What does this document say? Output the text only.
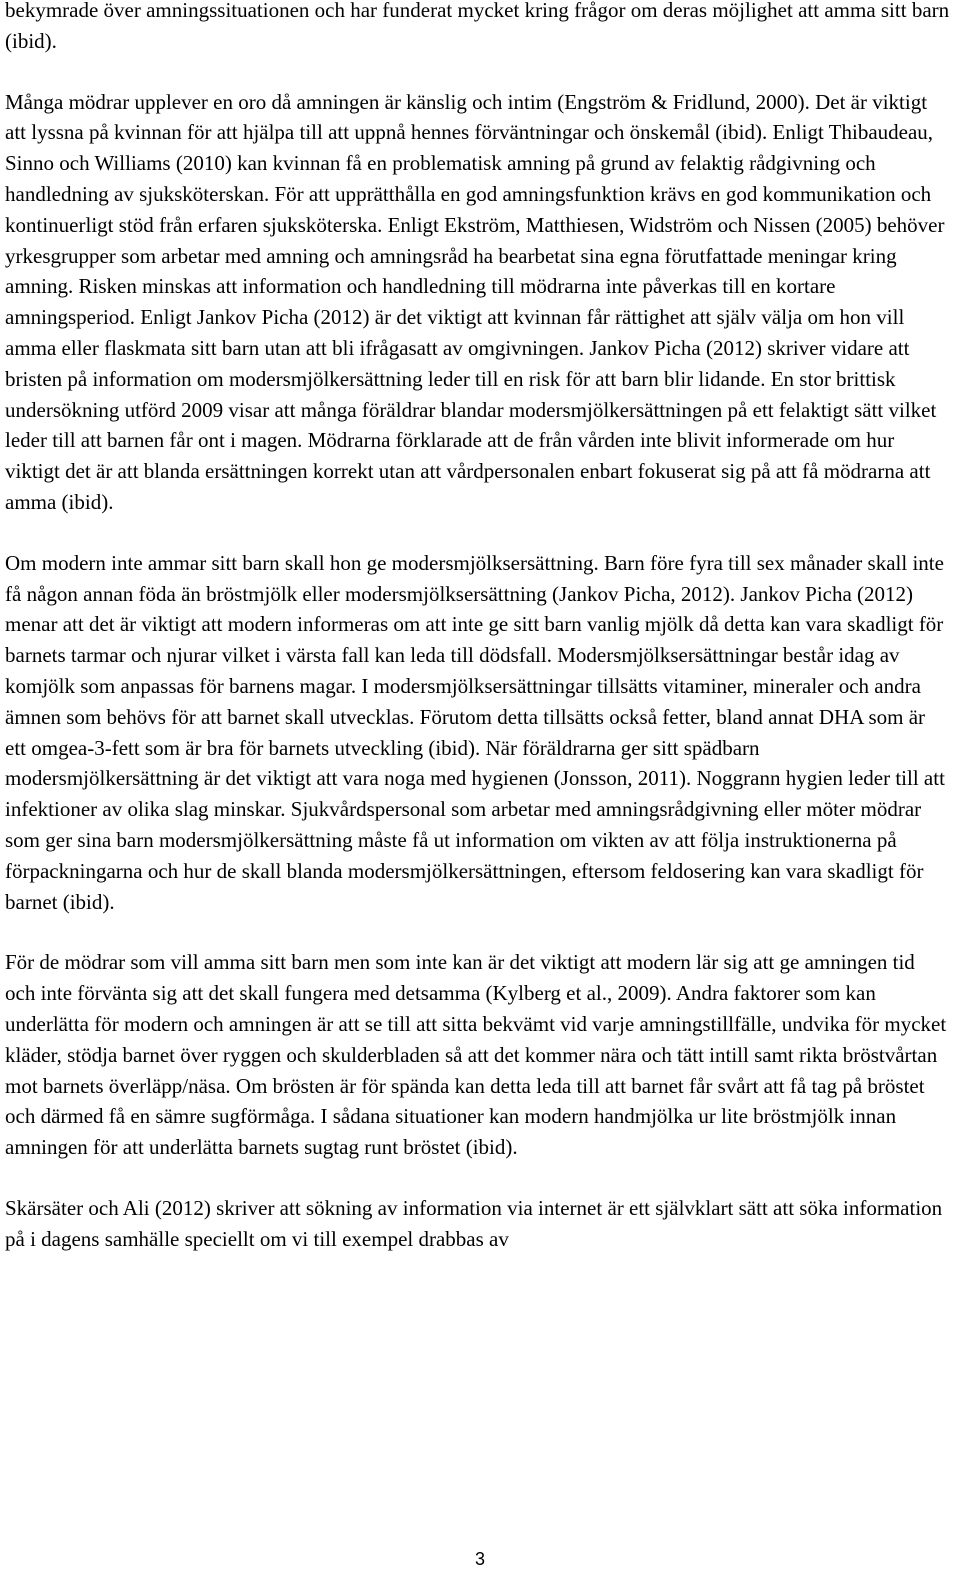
bekymrade över amningssituationen och har funderat mycket kring frågor om deras möjlighet att amma sitt barn (ibid).

Många mödrar upplever en oro då amningen är känslig och intim (Engström & Fridlund, 2000). Det är viktigt att lyssna på kvinnan för att hjälpa till att uppnå hennes förväntningar och önskemål (ibid). Enligt Thibaudeau, Sinno och Williams (2010) kan kvinnan få en problematisk amning på grund av felaktig rådgivning och handledning av sjuksköterskan. För att upprätthålla en god amningsfunktion krävs en god kommunikation och kontinuerligt stöd från erfaren sjuksköterska. Enligt Ekström, Matthiesen, Widström och Nissen (2005) behöver yrkesgrupper som arbetar med amning och amningsråd ha bearbetat sina egna förutfattade meningar kring amning. Risken minskas att information och handledning till mödrarna inte påverkas till en kortare amningsperiod. Enligt Jankov Picha (2012) är det viktigt att kvinnan får rättighet att själv välja om hon vill amma eller flaskmata sitt barn utan att bli ifrågasatt av omgivningen. Jankov Picha (2012) skriver vidare att bristen på information om modersmjölkersättning leder till en risk för att barn blir lidande. En stor brittisk undersökning utförd 2009 visar att många föräldrar blandar modersmjölkersättningen på ett felaktigt sätt vilket leder till att barnen får ont i magen. Mödrarna förklarade att de från vården inte blivit informerade om hur viktigt det är att blanda ersättningen korrekt utan att vårdpersonalen enbart fokuserat sig på att få mödrarna att amma (ibid).

Om modern inte ammar sitt barn skall hon ge modersmjölksersättning. Barn före fyra till sex månader skall inte få någon annan föda än bröstmjölk eller modersmjölksersättning (Jankov Picha, 2012). Jankov Picha (2012) menar att det är viktigt att modern informeras om att inte ge sitt barn vanlig mjölk då detta kan vara skadligt för barnets tarmar och njurar vilket i värsta fall kan leda till dödsfall. Modersmjölksersättningar består idag av komjölk som anpassas för barnens magar. I modersmjölksersättningar tillsätts vitaminer, mineraler och andra ämnen som behövs för att barnet skall utvecklas. Förutom detta tillsätts också fetter, bland annat DHA som är ett omgea-3-fett som är bra för barnets utveckling (ibid). När föräldrarna ger sitt spädbarn modersmjölkersättning är det viktigt att vara noga med hygienen (Jonsson, 2011). Noggrann hygien leder till att infektioner av olika slag minskar. Sjukvårdspersonal som arbetar med amningsrådgivning eller möter mödrar som ger sina barn modersmjölkersättning måste få ut information om vikten av att följa instruktionerna på förpackningarna och hur de skall blanda modersmjölkersättningen, eftersom feldosering kan vara skadligt för barnet (ibid).

För de mödrar som vill amma sitt barn men som inte kan är det viktigt att modern lär sig att ge amningen tid och inte förvänta sig att det skall fungera med detsamma (Kylberg et al., 2009). Andra faktorer som kan underlätta för modern och amningen är att se till att sitta bekvämt vid varje amningstillfälle, undvika för mycket kläder, stödja barnet över ryggen och skulderbladen så att det kommer nära och tätt intill samt rikta bröstvårtan mot barnets överläpp/näsa. Om brösten är för spända kan detta leda till att barnet får svårt att få tag på bröstet och därmed få en sämre sugförmåga. I sådana situationer kan modern handmjölka ur lite bröstmjölk innan amningen för att underlätta barnets sugtag runt bröstet (ibid).

Skärsäter och Ali (2012) skriver att sökning av information via internet är ett självklart sätt att söka information på i dagens samhälle speciellt om vi till exempel drabbas av

3
